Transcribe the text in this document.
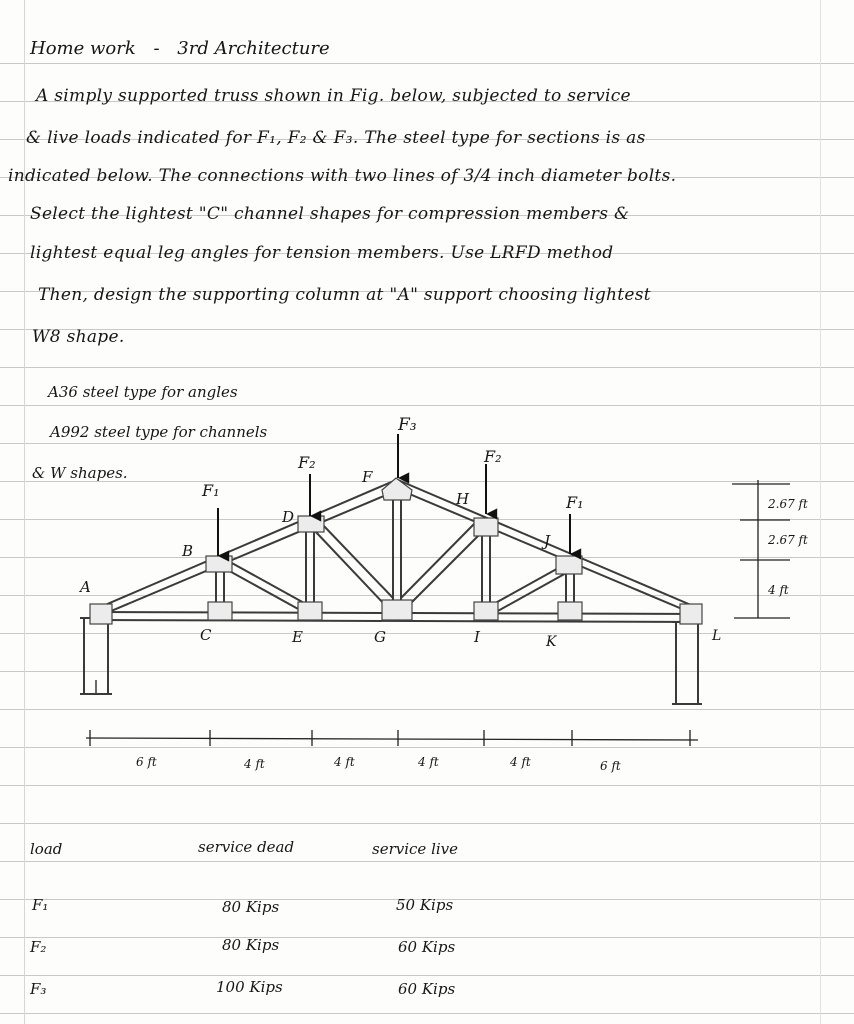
Home work - 3rd Architecture
A simply supported truss shown in Fig. below, subjected to service
& live loads indicated for F₁, F₂ & F₃. The steel type for sections is as
indicated below. The connections with two lines of 3/4 inch diameter bolts.
Select the lightest "C" channel shapes for compression members &
lightest equal leg angles for tension members. Use LRFD method
Then, design the supporting column at "A" support choosing lightest
W8 shape.
A36 steel type for angles
A992 steel type for channels
& W shapes.
F₁
F₂
F₃
F₂
F₁
A
B
C
D
E
F
G
H
I
J
K	L
2.67 ft
2.67 ft
4 ft
6 ft	4 ft	4 ft	4 ft	4 ft	6 ft
load	service dead	service live
F₁	80 Kips	50 Kips
F₂	80 Kips	60 Kips
F₃	100 Kips	60 Kips
